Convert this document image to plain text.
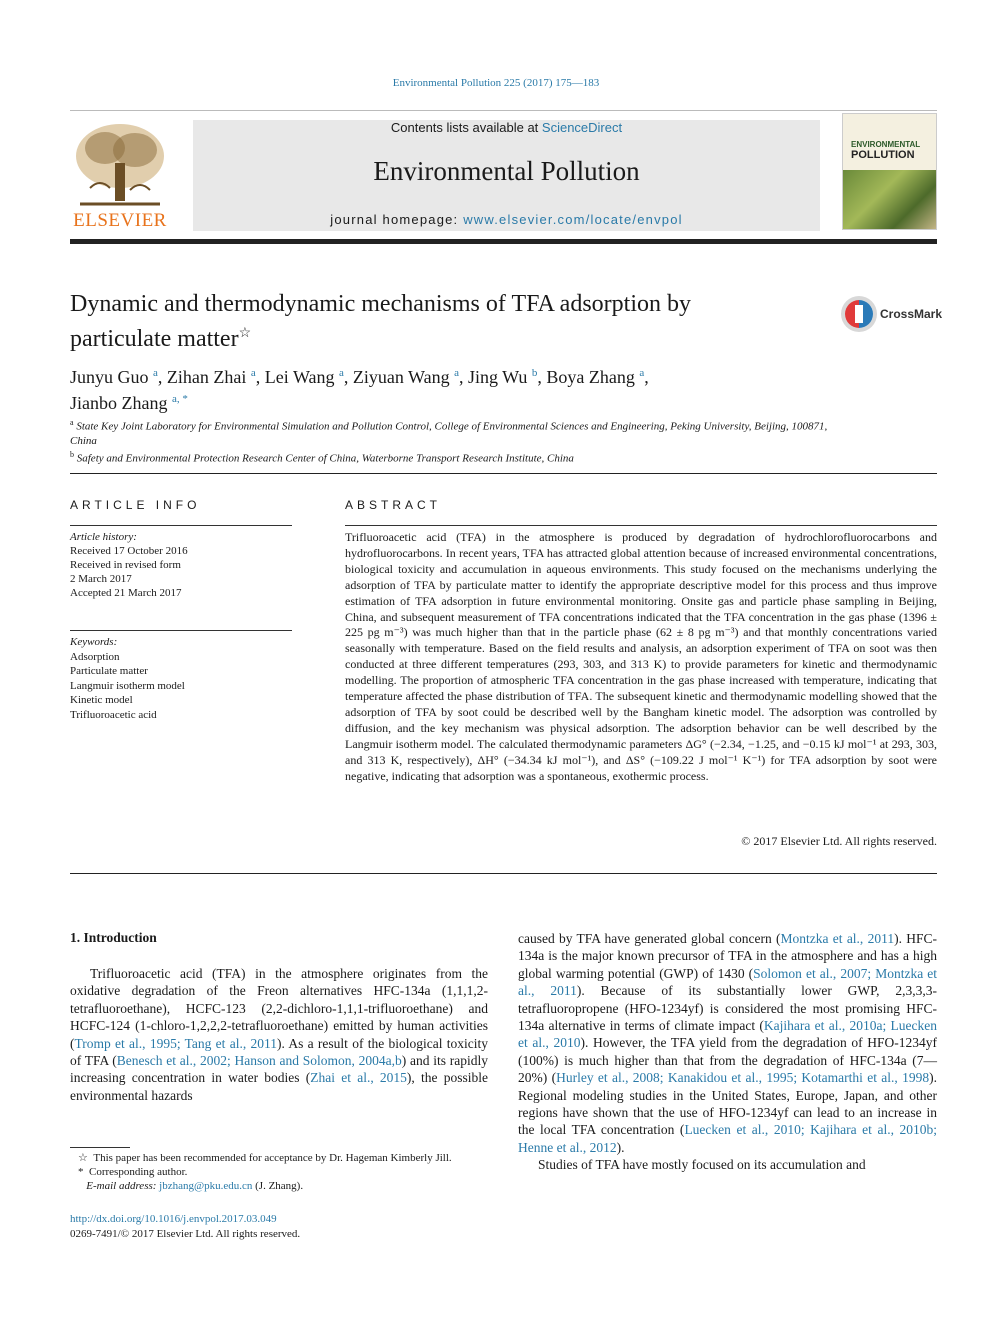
Environmental Pollution 225 (2017) 175—183
ELSEVIER
Contents lists available at ScienceDirect
Environmental Pollution
journal homepage: www.elsevier.com/locate/envpol
ENVIRONMENTAL
POLLUTION
Dynamic and thermodynamic mechanisms of TFA adsorption by particulate matter☆
CrossMark
Junyu Guo $^a$, Zihan Zhai $^a$, Lei Wang $^a$, Ziyuan Wang $^a$, Jing Wu $^b$, Boya Zhang $^a$,
Jianbo Zhang $^{a, *}$
$^a$ State Key Joint Laboratory for Environmental Simulation and Pollution Control, College of Environmental Sciences and Engineering, Peking University, Beijing, 100871, China
$^b$ Safety and Environmental Protection Research Center of China, Waterborne Transport Research Institute, China
ARTICLE INFO	ABSTRACT
Article history:
Received 17 October 2016
Received in revised form
2 March 2017
Accepted 21 March 2017
Keywords:
Adsorption
Particulate matter
Langmuir isotherm model
Kinetic model
Trifluoroacetic acid
Trifluoroacetic acid (TFA) in the atmosphere is produced by degradation of hydrochlorofluorocarbons and hydrofluorocarbons. In recent years, TFA has attracted global attention because of increased environmental concentrations, biological toxicity and accumulation in aqueous environments. This study focused on the mechanisms underlying the adsorption of TFA by particulate matter to identify the appropriate descriptive model for this process and thus improve estimation of TFA adsorption in future environmental monitoring. Onsite gas and particle phase sampling in Beijing, China, and subsequent measurement of TFA concentrations indicated that the TFA concentration in the gas phase (1396 ± 225 pg m⁻³) was much higher than that in the particle phase (62 ± 8 pg m⁻³) and that monthly concentrations varied seasonally with temperature. Based on the field results and analysis, an adsorption experiment of TFA on soot was then conducted at three different temperatures (293, 303, and 313 K) to provide parameters for kinetic and thermodynamic modelling. The proportion of atmospheric TFA concentration in the gas phase increased with temperature, indicating that temperature affected the phase distribution of TFA. The subsequent kinetic and thermodynamic modelling showed that the adsorption of TFA by soot could be described well by the Bangham kinetic model. The adsorption was controlled by diffusion, and the key mechanism was physical adsorption. The adsorption behavior can be well described by the Langmuir isotherm model. The calculated thermodynamic parameters ΔG° (−2.34, −1.25, and −0.15 kJ mol⁻¹ at 293, 303, and 313 K, respectively), ΔH° (−34.34 kJ mol⁻¹), and ΔS° (−109.22 J mol⁻¹ K⁻¹) for TFA adsorption by soot were negative, indicating that adsorption was a spontaneous, exothermic process.
© 2017 Elsevier Ltd. All rights reserved.
1. Introduction
Trifluoroacetic acid (TFA) in the atmosphere originates from the oxidative degradation of the Freon alternatives HFC-134a (1,1,1,2-tetrafluoroethane), HCFC-123 (2,2-dichloro-1,1,1-trifluoroethane) and HCFC-124 (1-chloro-1,2,2,2-tetrafluoroethane) emitted by human activities (Tromp et al., 1995; Tang et al., 2011). As a result of the biological toxicity of TFA (Benesch et al., 2002; Hanson and Solomon, 2004a,b) and its rapidly increasing concentration in water bodies (Zhai et al., 2015), the possible environmental hazards
caused by TFA have generated global concern (Montzka et al., 2011). HFC-134a is the major known precursor of TFA in the atmosphere and has a high global warming potential (GWP) of 1430 (Solomon et al., 2007; Montzka et al., 2011). Because of its substantially lower GWP, 2,3,3,3-tetrafluoropropene (HFO-1234yf) is considered the most promising HFC-134a alternative in terms of climate impact (Kajihara et al., 2010a; Luecken et al., 2010). However, the TFA yield from the degradation of HFO-1234yf (100%) is much higher than that from the degradation of HFC-134a (7—20%) (Hurley et al., 2008; Kanakidou et al., 1995; Kotamarthi et al., 1998). Regional modeling studies in the United States, Europe, Japan, and other regions have shown that the use of HFO-1234yf can lead to an increase in the local TFA concentration (Luecken et al., 2010; Kajihara et al., 2010b; Henne et al., 2012).
Studies of TFA have mostly focused on its accumulation and
☆ This paper has been recommended for acceptance by Dr. Hageman Kimberly Jill.
* Corresponding author.
E-mail address: jbzhang@pku.edu.cn (J. Zhang).
http://dx.doi.org/10.1016/j.envpol.2017.03.049
0269-7491/© 2017 Elsevier Ltd. All rights reserved.
